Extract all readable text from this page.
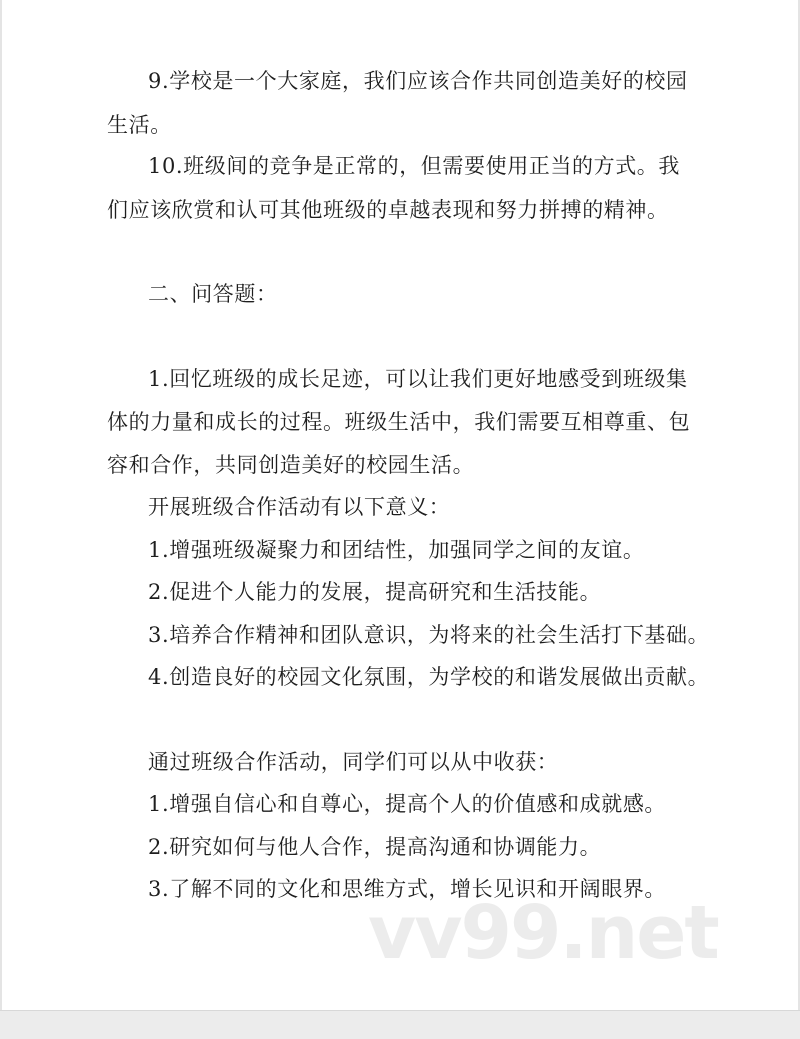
9.学校是一个大家庭，我们应该合作共同创造美好的校园
生活。
10.班级间的竞争是正常的，但需要使用正当的方式。我
们应该欣赏和认可其他班级的卓越表现和努力拼搏的精神。
二、问答题：
1.回忆班级的成长足迹，可以让我们更好地感受到班级集
体的力量和成长的过程。班级生活中，我们需要互相尊重、包
容和合作，共同创造美好的校园生活。
开展班级合作活动有以下意义：
1.增强班级凝聚力和团结性，加强同学之间的友谊。
2.促进个人能力的发展，提高研究和生活技能。
3.培养合作精神和团队意识，为将来的社会生活打下基础。
4.创造良好的校园文化氛围，为学校的和谐发展做出贡献。
通过班级合作活动，同学们可以从中收获：
1.增强自信心和自尊心，提高个人的价值感和成就感。
2.研究如何与他人合作，提高沟通和协调能力。
3.了解不同的文化和思维方式，增长见识和开阔眼界。
vv99.net
